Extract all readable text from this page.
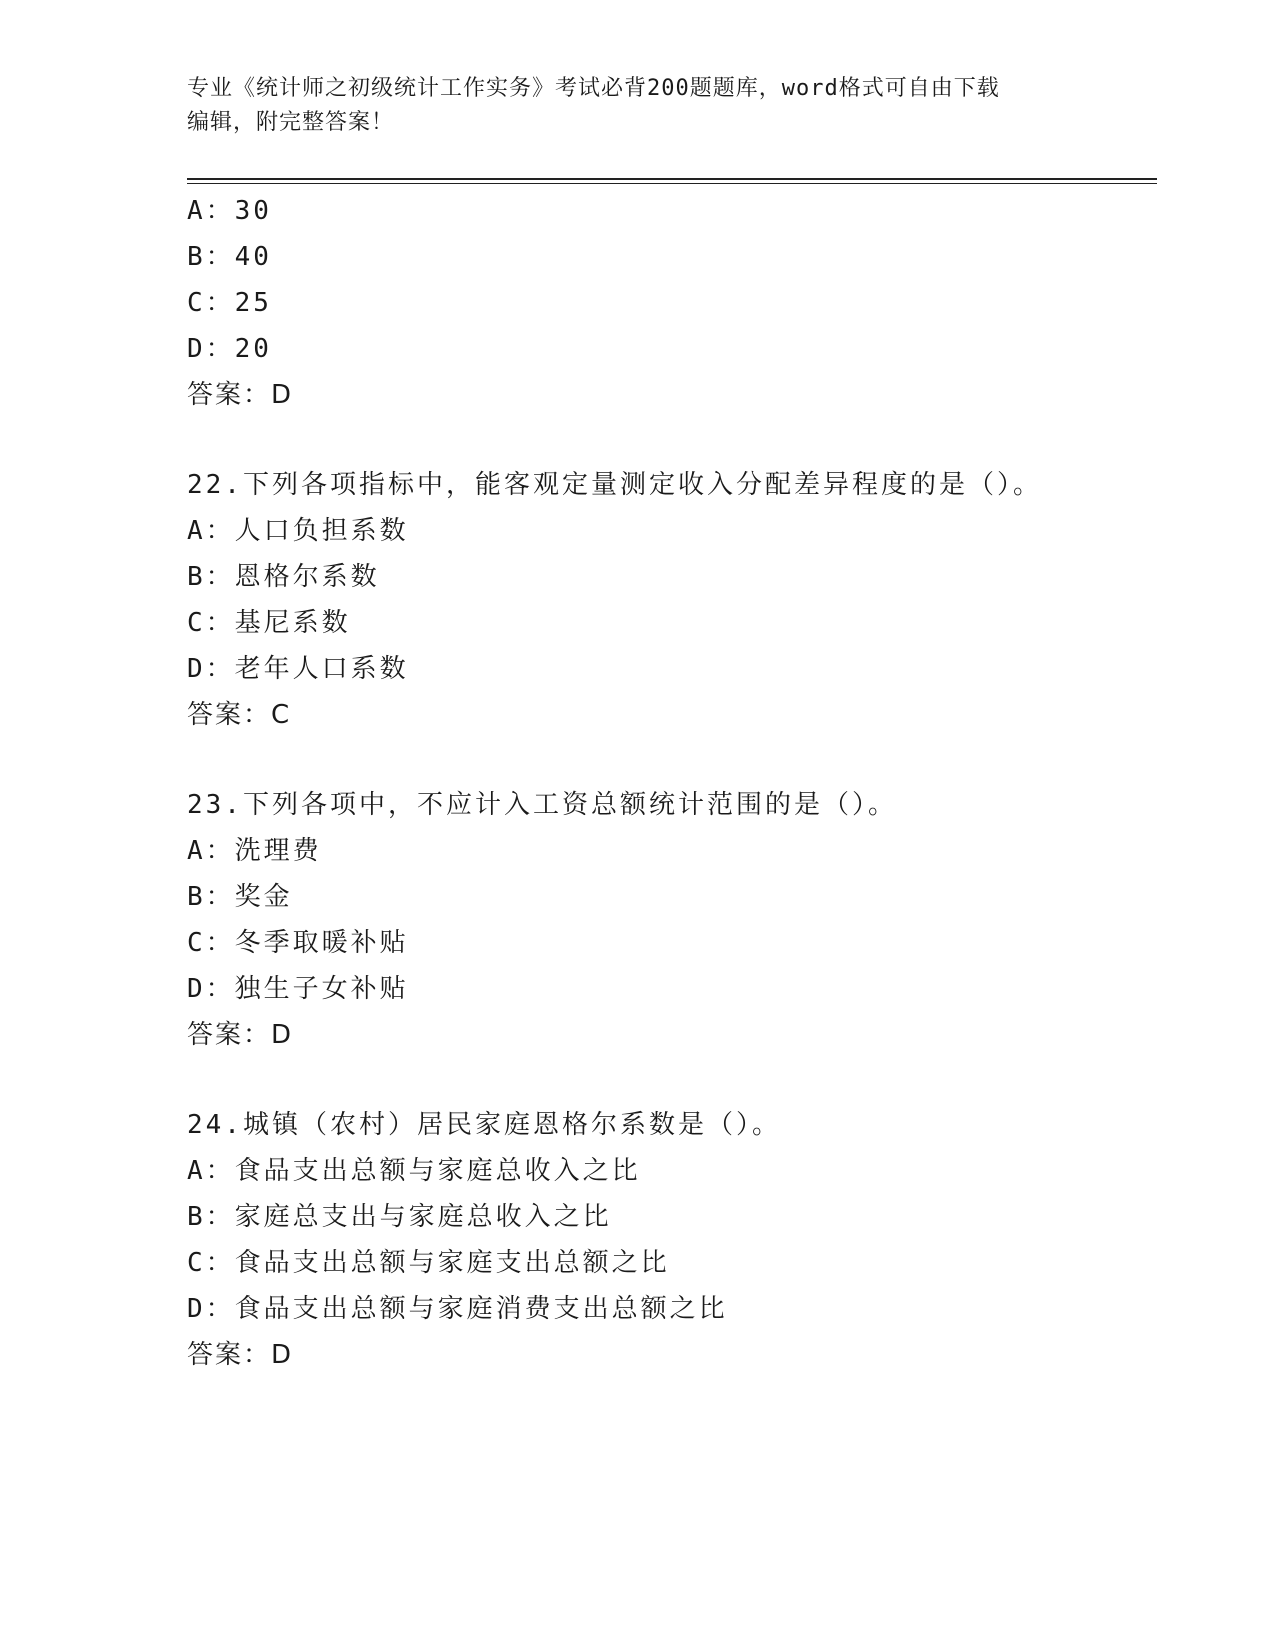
专业《统计师之初级统计工作实务》考试必背200题题库，word格式可自由下载
编辑，附完整答案！
A：30
B：40
C：25
D：20
答案：D
22.下列各项指标中，能客观定量测定收入分配差异程度的是（）。
A：人口负担系数
B：恩格尔系数
C：基尼系数
D：老年人口系数
答案：C
23.下列各项中，不应计入工资总额统计范围的是（）。
A：洗理费
B：奖金
C：冬季取暖补贴
D：独生子女补贴
答案：D
24.城镇（农村）居民家庭恩格尔系数是（）。
A：食品支出总额与家庭总收入之比
B：家庭总支出与家庭总收入之比
C：食品支出总额与家庭支出总额之比
D：食品支出总额与家庭消费支出总额之比
答案：D
